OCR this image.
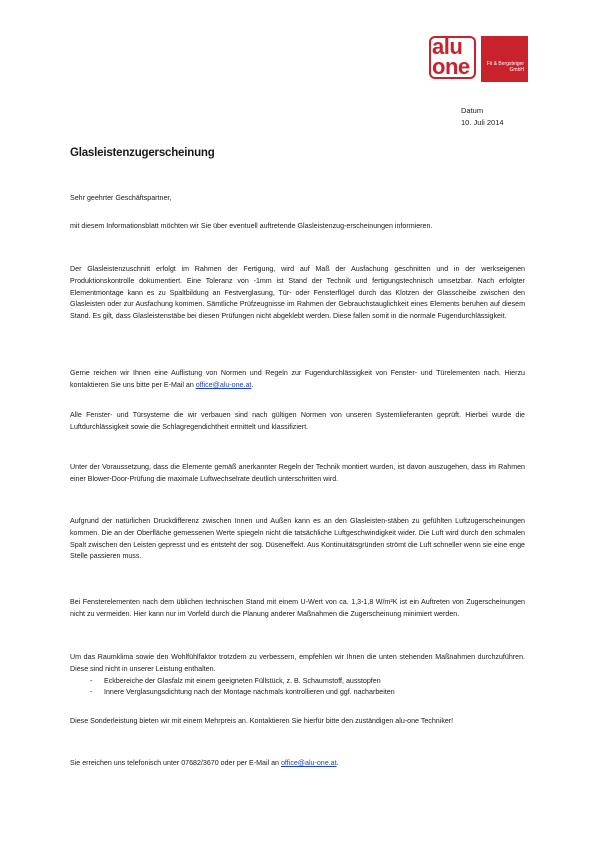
alu
one	Fit & Bergsteiger
GmbH
Datum
10. Juli 2014
Glasleistenzugerscheinung

Sehr geehrter Geschäftspartner,

mit diesem Informationsblatt möchten wir Sie über eventuell auftretende Glasleistenzug-erscheinungen informieren.

Der Glasleistenzuschnitt erfolgt im Rahmen der Fertigung, wird auf Maß der Ausfachung geschnitten und in der werkseigenen Produktionskontrolle dokumentiert. Eine Toleranz von -1mm ist Stand der Technik und fertigungstechnisch umsetzbar. Nach erfolgter Elementmontage kann es zu Spaltbildung an Festverglasung, Tür- oder Fensterflügel durch das Klotzen der Glasscheibe zwischen den Glasleisten oder zur Ausfachung kommen. Sämtliche Prüfzeugnisse im Rahmen der Gebrauchstauglichkeit eines Elements beruhen auf diesem Stand. Es gilt, dass Glasleistenstäbe bei diesen Prüfungen nicht abgeklebt werden. Diese fallen somit in die normale Fugendurchlässigkeit.

Gerne reichen wir Ihnen eine Auflistung von Normen und Regeln zur Fugendurchlässigkeit von Fenster- und Türelementen nach. Hierzu kontaktieren Sie uns bitte per E-Mail an office@alu-one.at.

Alle Fenster- und Türsysteme die wir verbauen sind nach gültigen Normen von unseren Systemlieferanten geprüft. Hierbei wurde die Luftdurchlässigkeit sowie die Schlagregendichtheit ermittelt und klassifiziert.

Unter der Voraussetzung, dass die Elemente gemäß anerkannter Regeln der Technik montiert wurden, ist davon auszugehen, dass im Rahmen einer Blower-Door-Prüfung die maximale Luftwechselrate deutlich unterschritten wird.

Aufgrund der natürlichen Druckdifferenz zwischen Innen und Außen kann es an den Glasleisten-stäben zu gefühlten Luftzugerscheinungen kommen. Die an der Oberfläche gemessenen Werte spiegeln nicht die tatsächliche Luftgeschwindigkeit wider. Die Luft wird durch den schmalen Spalt zwischen den Leisten gepresst und es entsteht der sog. Düseneffekt. Aus Kontinuitätsgründen strömt die Luft schneller wenn sie eine enge Stelle passieren muss.

Bei Fensterelementen nach dem üblichen technischen Stand mit einem U-Wert von ca. 1,3-1,8 W/m²K ist ein Auftreten von Zugerscheinungen nicht zu vermeiden. Hier kann nur im Vorfeld durch die Planung anderer Maßnahmen die Zugerscheinung minimiert werden.

Um das Raumklima sowie den Wohlfühlfaktor trotzdem zu verbessern, empfehlen wir Ihnen die unten stehenden Maßnahmen durchzuführen. Diese sind nicht in unserer Leistung enthalten.

- Eckbereiche der Glasfalz mit einem geeigneten Füllstück, z. B. Schaumstoff, ausstopfen
- Innere Verglasungsdichtung nach der Montage nachmals kontrollieren und ggf. nacharbeiten

Diese Sonderleistung bieten wir mit einem Mehrpreis an. Kontaktieren Sie hierfür bitte den zuständigen alu-one Techniker!

Sie erreichen uns telefonisch unter 07682/3670 oder per E-Mail an office@alu-one.at.
